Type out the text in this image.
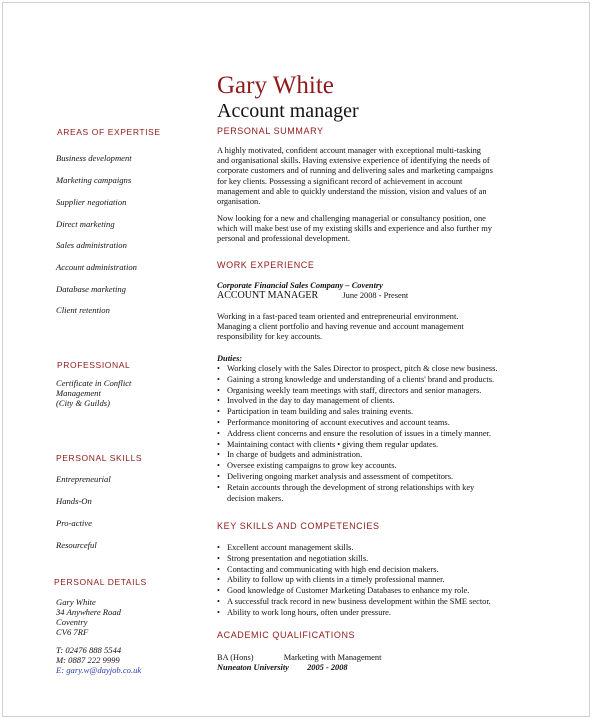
Gary White
Account manager
AREAS OF EXPERTISE
Business development
Marketing campaigns
Supplier negotiation
Direct marketing
Sales administration
Account administration
Database marketing
Client retention
PROFESSIONAL
Certificate in Conflict
Management
(City & Guilds)
PERSONAL SKILLS
Entrepreneurial
Hands-On
Pro-active
Resourceful
PERSONAL DETAILS
Gary White
34 Anywhere Road
Coventry
CV6 7RF
T: 02476 888 5544
M: 0887 222 9999
E: gary.w@dayjob.co.uk
PERSONAL SUMMARY
A highly motivated, confident account manager with exceptional multi-tasking
and organisational skills. Having extensive experience of identifying the needs of
corporate customers and of running and delivering sales and marketing campaigns
for key clients. Possessing a significant record of achievement in account
management and able to quickly understand the mission, vision and values of an
organisation.
Now looking for a new and challenging managerial or consultancy position, one
which will make best use of my existing skills and experience and also further my
personal and professional development.
WORK EXPERIENCE
Corporate Financial Sales Company – Coventry
ACCOUNT MANAGER	June 2008 - Present
Working in a fast-paced team oriented and entrepreneurial environment.
Managing a client portfolio and having revenue and account management
responsibility for key accounts.
Duties:
• Working closely with the Sales Director to prospect, pitch & close new business.
• Gaining a strong knowledge and understanding of a clients' brand and products.
• Organising weekly team meetings with staff, directors and senior managers.
• Involved in the day to day management of clients.
• Participation in team building and sales training events.
• Performance monitoring of account executives and account teams.
• Address client concerns and ensure the resolution of issues in a timely manner.
• Maintaining contact with clients • giving them regular updates.
• In charge of budgets and administration.
• Oversee existing campaigns to grow key accounts.
• Delivering ongoing market analysis and assessment of competitors.
• Retain accounts through the development of strong relationships with key
decision makers.
KEY SKILLS AND COMPETENCIES
• Excellent account management skills.
• Strong presentation and negotiation skills.
• Contacting and communicating with high end decision makers.
• Ability to follow up with clients in a timely professional manner.
• Good knowledge of Customer Marketing Databases to enhance my role.
• A successful track record in new business development within the SME sector.
• Ability to work long hours, often under pressure.
ACADEMIC QUALIFICATIONS
BA (Hons)	Marketing with Management
Nuneaton University 2005 - 2008
